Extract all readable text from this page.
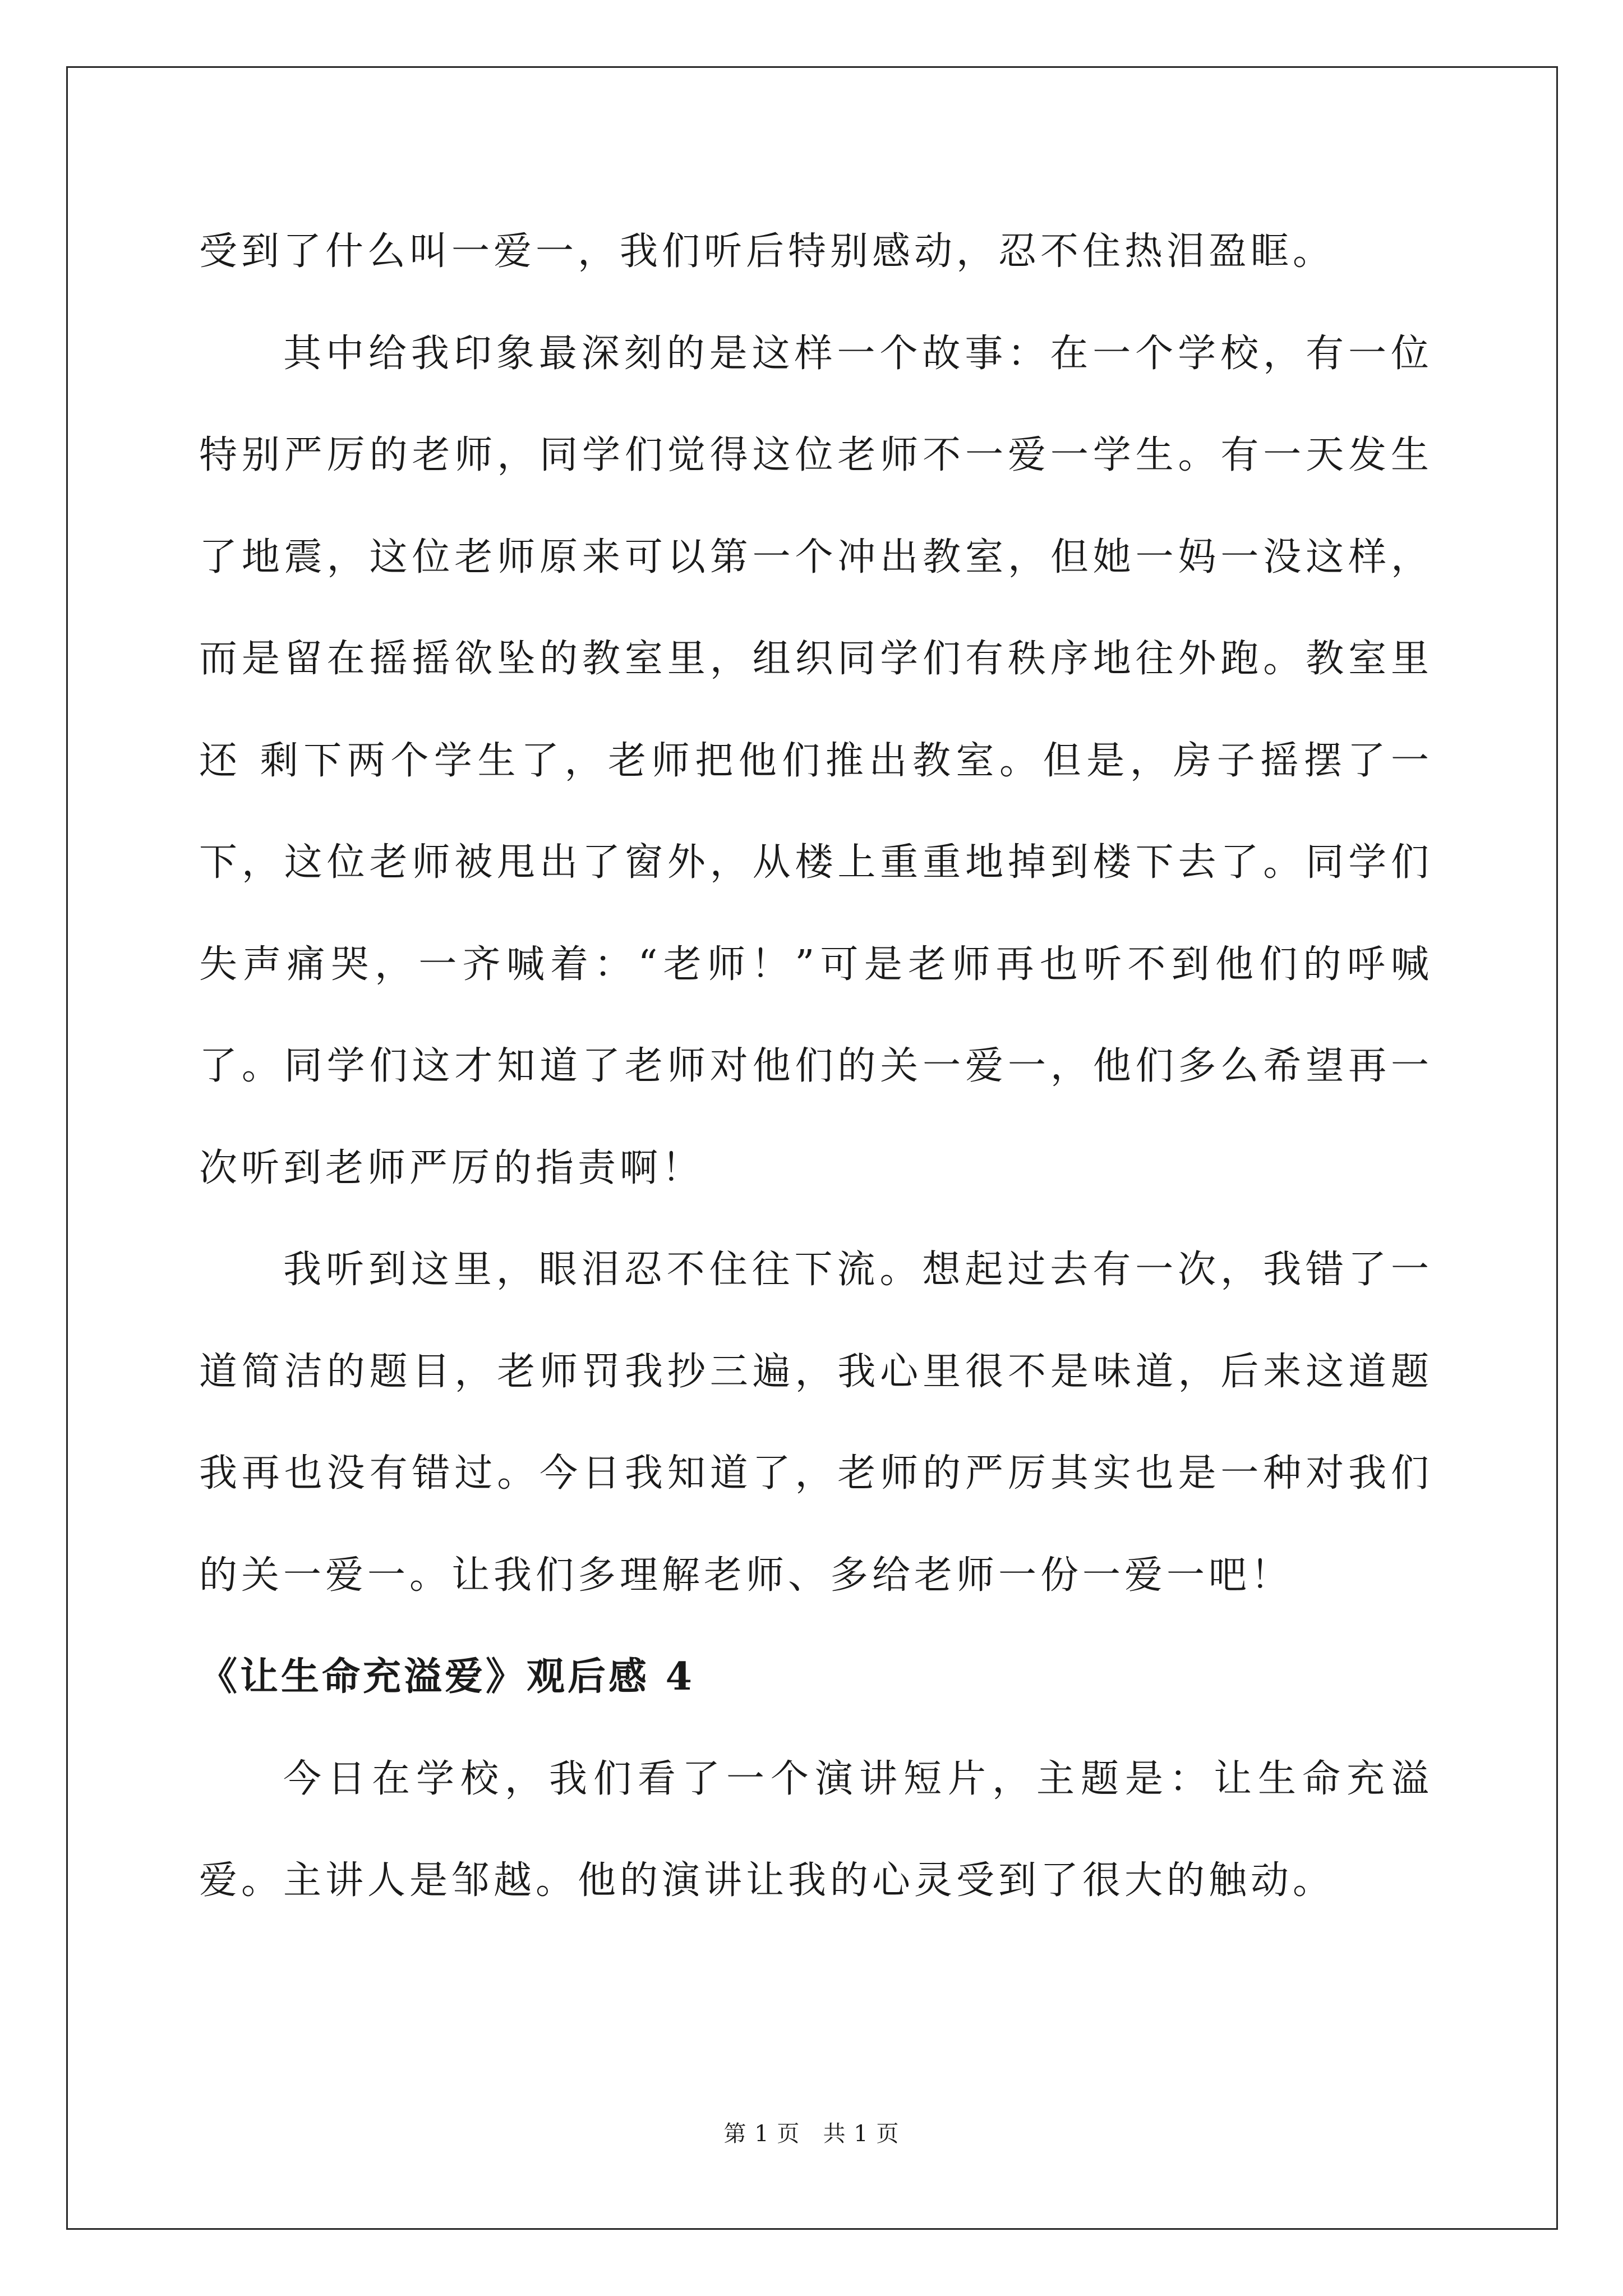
受到了什么叫一爱一，我们听后特别感动，忍不住热泪盈眶。

其中给我印象最深刻的是这样一个故事：在一个学校，有一位特别严厉的老师，同学们觉得这位老师不一爱一学生。有一天发生了地震，这位老师原来可以第一个冲出教室，但她一妈一没这样，而是留在摇摇欲坠的教室里，组织同学们有秩序地往外跑。教室里还 剩下两个学生了，老师把他们推出教室。但是，房子摇摆了一下，这位老师被甩出了窗外，从楼上重重地掉到楼下去了。同学们失声痛哭，一齐喊着：“老师！”可是老师再也听不到他们的呼喊了。同学们这才知道了老师对他们的关一爱一，他们多么希望再一次听到老师严厉的指责啊！

我听到这里，眼泪忍不住往下流。想起过去有一次，我错了一道简洁的题目，老师罚我抄三遍，我心里很不是味道，后来这道题我再也没有错过。今日我知道了，老师的严厉其实也是一种对我们的关一爱一。让我们多理解老师、多给老师一份一爱一吧！

《让生命充溢爱》观后感 4

今日在学校，我们看了一个演讲短片，主题是：让生命充溢爱。主讲人是邹越。他的演讲让我的心灵受到了很大的触动。

第 1 页 共 1 页
